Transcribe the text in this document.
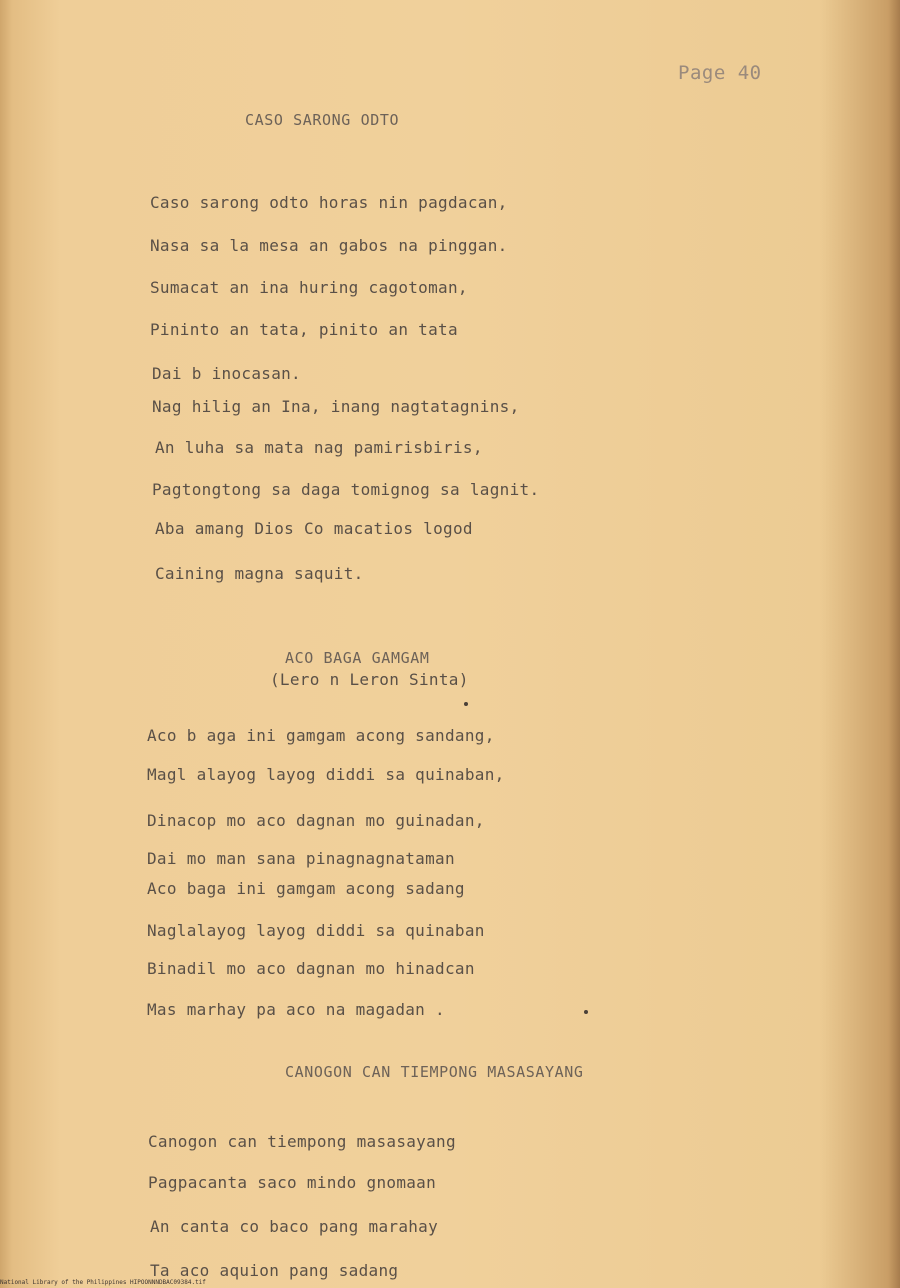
Page 40
CASO SARONG ODTO
Caso sarong odto horas nin pagdacan,
Nasa sa la mesa an gabos na pinggan.
Sumacat an ina huring cagotoman,
Pininto an tata, pinito an tata
Dai b inocasan.
Nag hilig an Ina, inang nagtatagnins,
An luha sa mata nag pamirisbiris,
Pagtongtong sa daga tomignog sa lagnit.
Aba amang Dios Co macatios logod
Caining magna saquit.
ACO BAGA GAMGAM
(Lero n Leron Sinta)
Aco b aga ini gamgam acong sandang,
Magl alayog layog diddi sa quinaban,
Dinacop mo aco dagnan mo guinadan,
Dai mo man sana pinagnagnataman
Aco baga ini gamgam acong sadang
Naglalayog layog diddi sa quinaban
Binadil mo aco dagnan mo hinadcan
Mas marhay pa aco na magadan .
CANOGON CAN TIEMPONG MASASAYANG
Canogon can tiempong masasayang
Pagpacanta saco mindo gnomaan
An canta co baco pang marahay
Ta aco aquion pang sadang
National Library of the Philippines HIPOONNNDBAC09384.tif
